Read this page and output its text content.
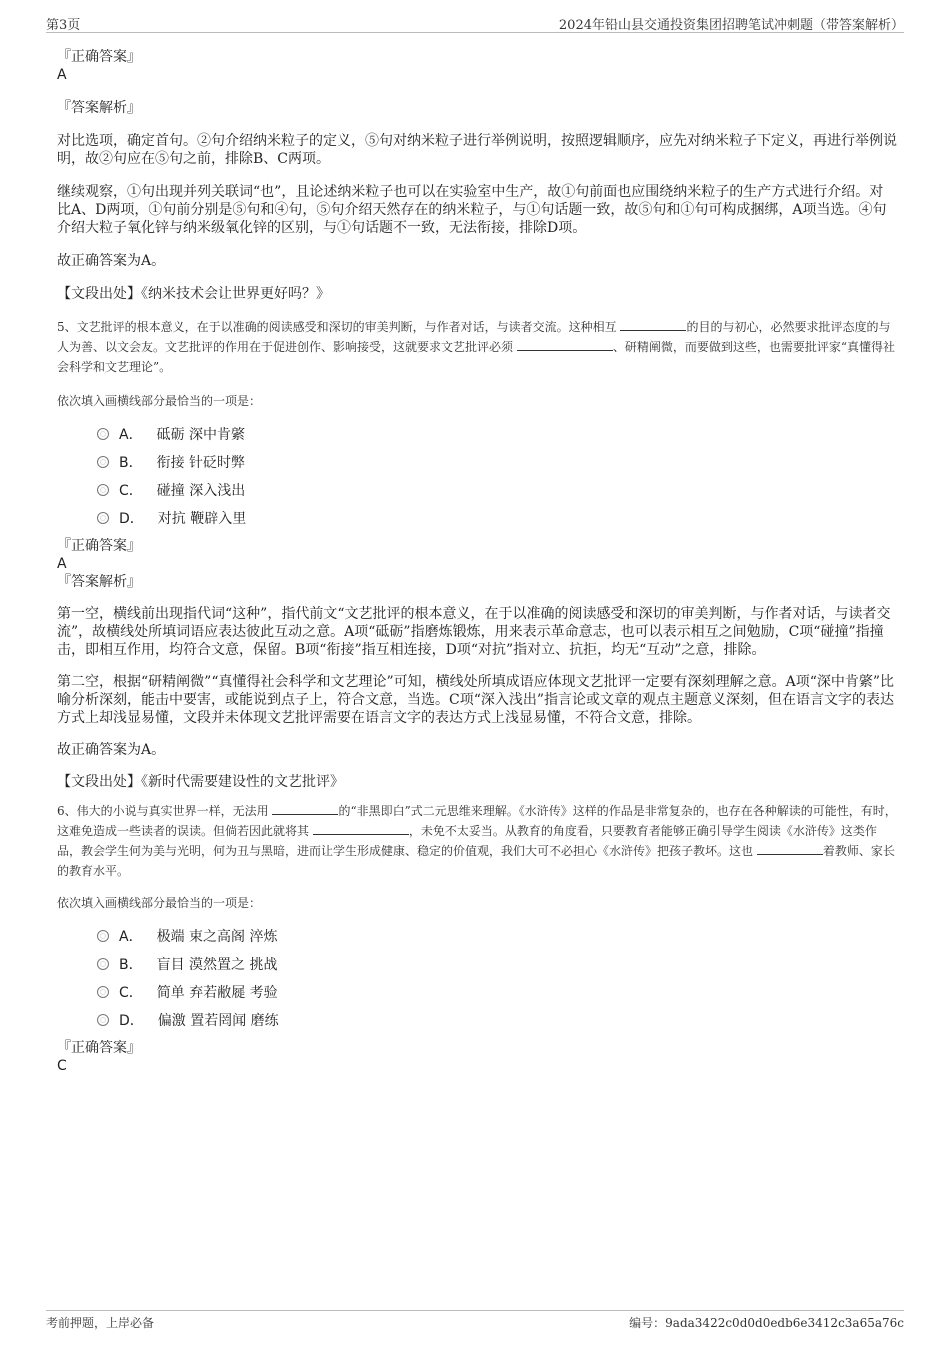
第3页	2024年铅山县交通投资集团招聘笔试冲刺题（带答案解析）

『正确答案』

A

『答案解析』

对比选项，确定首句。②句介绍纳米粒子的定义，⑤句对纳米粒子进行举例说明，按照逻辑顺序，应先对纳米粒子下定义，再进行举例说明，故②句应在⑤句之前，排除B、C两项。

继续观察，①句出现并列关联词“也”，且论述纳米粒子也可以在实验室中生产，故①句前面也应围绕纳米粒子的生产方式进行介绍。对比A、D两项，①句前分别是⑤句和④句，⑤句介绍天然存在的纳米粒子，与①句话题一致，故⑤句和①句可构成捆绑，A项当选。④句介绍大粒子氧化锌与纳米级氧化锌的区别，与①句话题不一致，无法衔接，排除D项。

故正确答案为A。

【文段出处】《纳米技术会让世界更好吗？》

5、文艺批评的根本意义，在于以准确的阅读感受和深切的审美判断，与作者对话，与读者交流。这种相互	的目的与初心，必然要求批评态度的与人为善、以文会友。文艺批评的作用在于促进创作、影响接受，这就要求文艺批评必须	、研精阐微，而要做到这些，也需要批评家“真懂得社会科学和文艺理论”。

依次填入画横线部分最恰当的一项是：

A． 砥砺 深中肯綮

B． 衔接 针砭时弊

C． 碰撞 深入浅出

D． 对抗 鞭辟入里

『正确答案』

A

『答案解析』

第一空，横线前出现指代词“这种”，指代前文“文艺批评的根本意义，在于以准确的阅读感受和深切的审美判断，与作者对话，与读者交流”，故横线处所填词语应表达彼此互动之意。A项“砥砺”指磨炼锻炼，用来表示革命意志，也可以表示相互之间勉励，C项“碰撞”指撞击，即相互作用，均符合文意，保留。B项“衔接”指互相连接，D项“对抗”指对立、抗拒，均无“互动”之意，排除。

第二空，根据“研精阐微”“真懂得社会科学和文艺理论”可知，横线处所填成语应体现文艺批评一定要有深刻理解之意。A项“深中肯綮”比喻分析深刻，能击中要害，或能说到点子上，符合文意，当选。C项“深入浅出”指言论或文章的观点主题意义深刻，但在语言文字的表达方式上却浅显易懂，文段并未体现文艺批评需要在语言文字的表达方式上浅显易懂，不符合文意，排除。

故正确答案为A。

【文段出处】《新时代需要建设性的文艺批评》

6、伟大的小说与真实世界一样，无法用	的“非黑即白”式二元思维来理解。《水浒传》这样的作品是非常复杂的，也存在各种解读的可能性，有时，这难免造成一些读者的误读。但倘若因此就将其	，未免不太妥当。从教育的角度看，只要教育者能够正确引导学生阅读《水浒传》这类作品，教会学生何为美与光明，何为丑与黑暗，进而让学生形成健康、稳定的价值观，我们大可不必担心《水浒传》把孩子教坏。这也	着教师、家长的教育水平。

依次填入画横线部分最恰当的一项是：

A． 极端 束之高阁 淬炼

B． 盲目 漠然置之 挑战

C． 简单 弃若敝屣 考验

D． 偏激 置若罔闻 磨练

『正确答案』

C

考前押题，上岸必备	编号：9ada3422c0d0d0edb6e3412c3a65a76c
